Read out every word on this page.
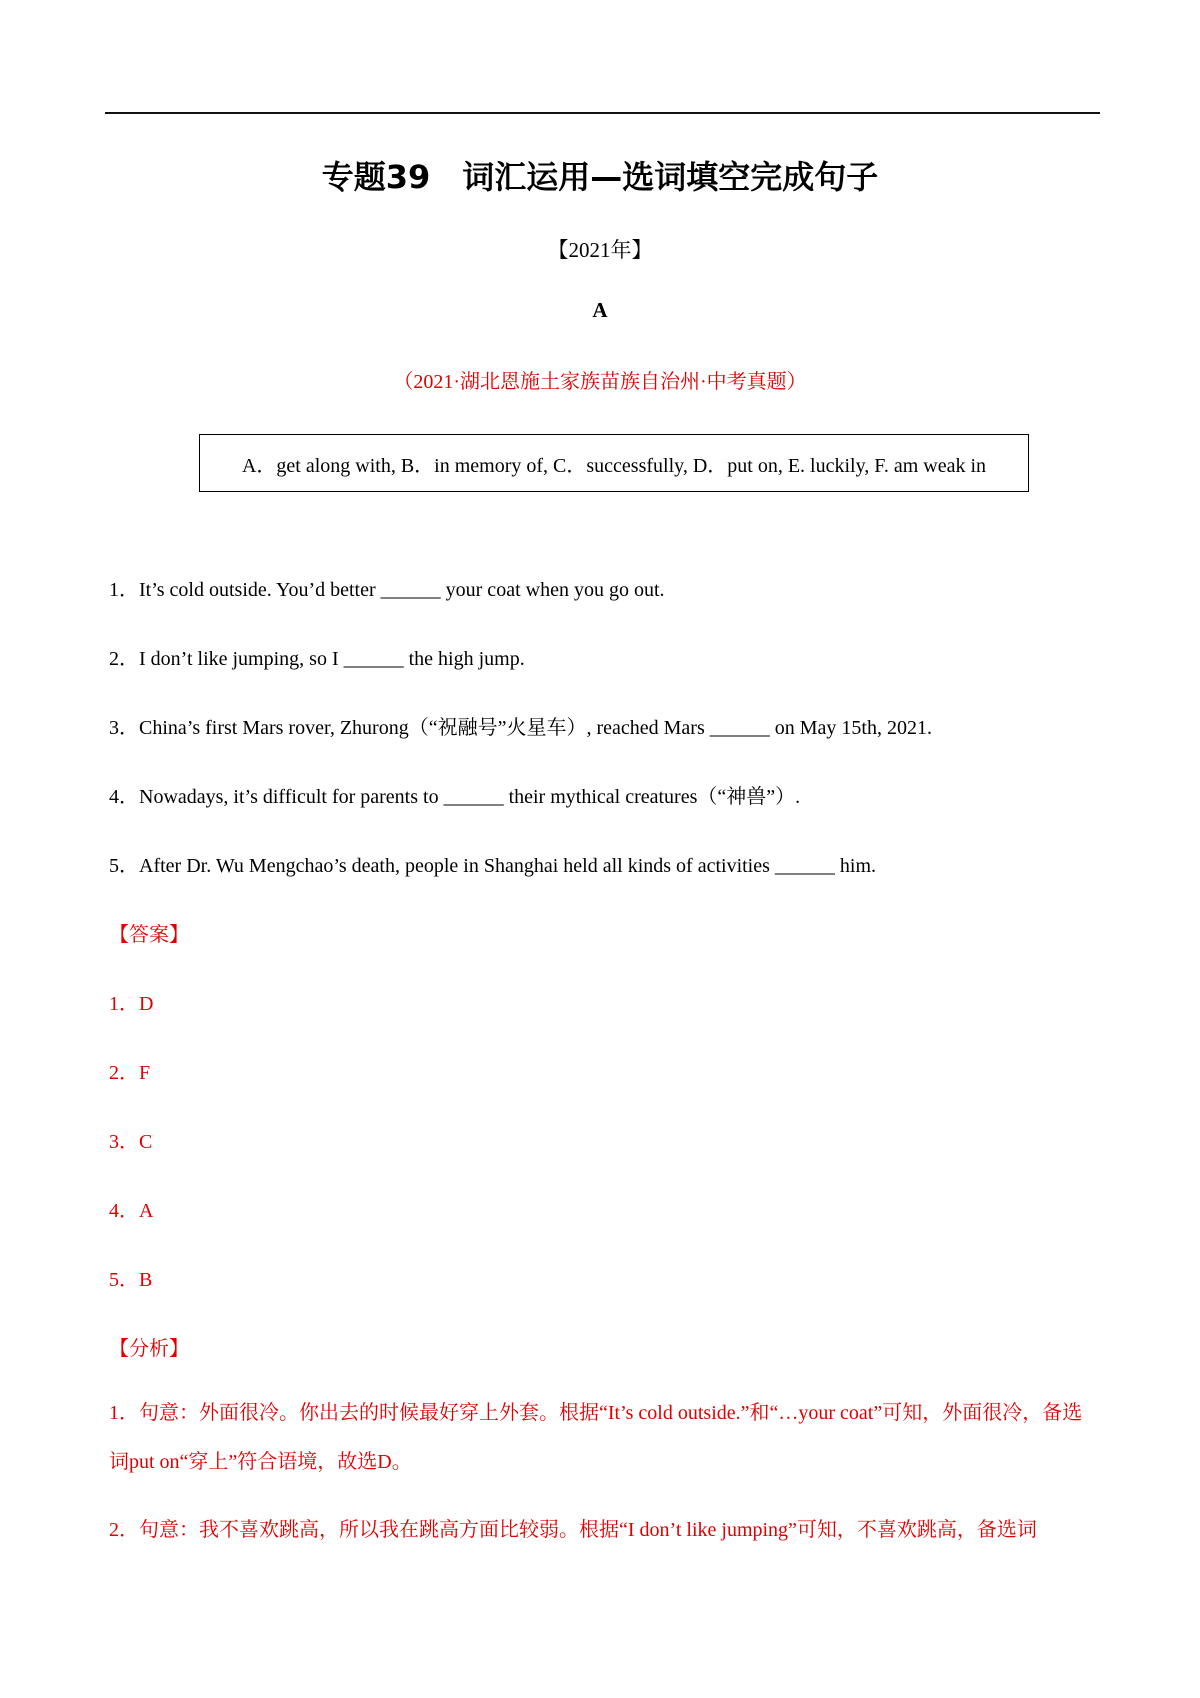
专题39　词汇运用—选词填空完成句子
【2021年】
A
（2021·湖北恩施土家族苗族自治州·中考真题）
A．get along with, B．in memory of, C．successfully, D．put on, E. luckily, F. am weak in
1．It’s cold outside. You’d better ______ your coat when you go out.
2．I don’t like jumping, so I ______ the high jump.
3．China’s first Mars rover, Zhurong（“祝融号”火星车）, reached Mars ______ on May 15th, 2021.
4．Nowadays, it’s difficult for parents to ______ their mythical creatures（“神兽”）.
5．After Dr. Wu Mengchao’s death, people in Shanghai held all kinds of activities ______ him.
【答案】
1．D
2．F
3．C
4．A
5．B
【分析】
1．句意：外面很冷。你出去的时候最好穿上外套。根据“It’s cold outside.”和“…your coat”可知，外面很冷，备选词put on“穿上”符合语境，故选D。
2．句意：我不喜欢跳高，所以我在跳高方面比较弱。根据“I don’t like jumping”可知，不喜欢跳高，备选词
